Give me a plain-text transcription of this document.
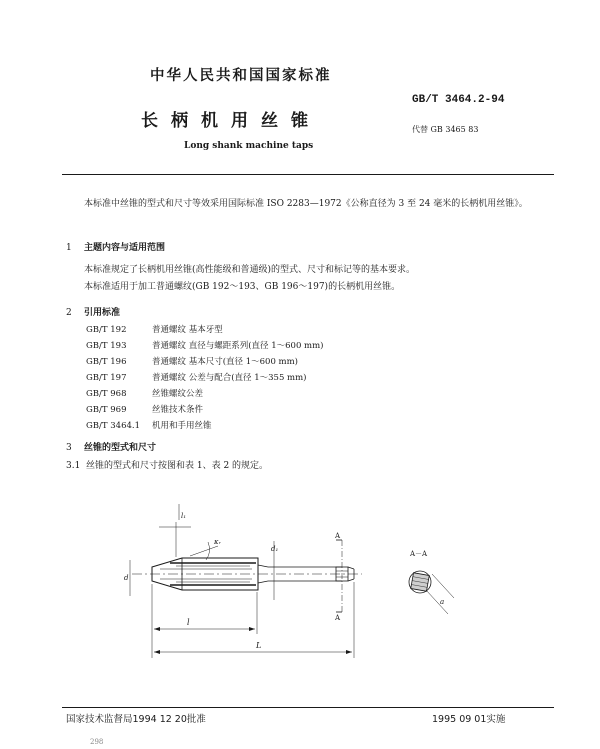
中华人民共和国国家标准
长柄机用丝锥
Long shank machine taps
GB/T 3464.2-94
代替 GB 3465 83
本标准中丝锥的型式和尺寸等效采用国际标准 ISO 2283—1972《公称直径为 3 至 24 毫米的长柄机用丝锥》。
1 主题内容与适用范围
本标准规定了长柄机用丝锥(高性能级和普通级)的型式、尺寸和标记等的基本要求。
本标准适用于加工普通螺纹(GB 192～193、GB 196～197)的长柄机用丝锥。
2 引用标准
GB/T 192	普通螺纹 基本牙型
GB/T 193	普通螺纹 直径与螺距系列(直径 1～600 mm)
GB/T 196	普通螺纹 基本尺寸(直径 1～600 mm)
GB/T 197	普通螺纹 公差与配合(直径 1～355 mm)
GB/T 968	丝锥螺纹公差
GB/T 969	丝锥技术条件
GB/T 3464.1 机用和手用丝锥
3 丝锥的型式和尺寸
3.1 丝锥的型式和尺寸按图和表 1、表 2 的规定。
l₁
κᵣ
d
d₁
A
A
l
L
A－A
a
国家技术监督局1994 12 20批准	1995 09 01实施
298
